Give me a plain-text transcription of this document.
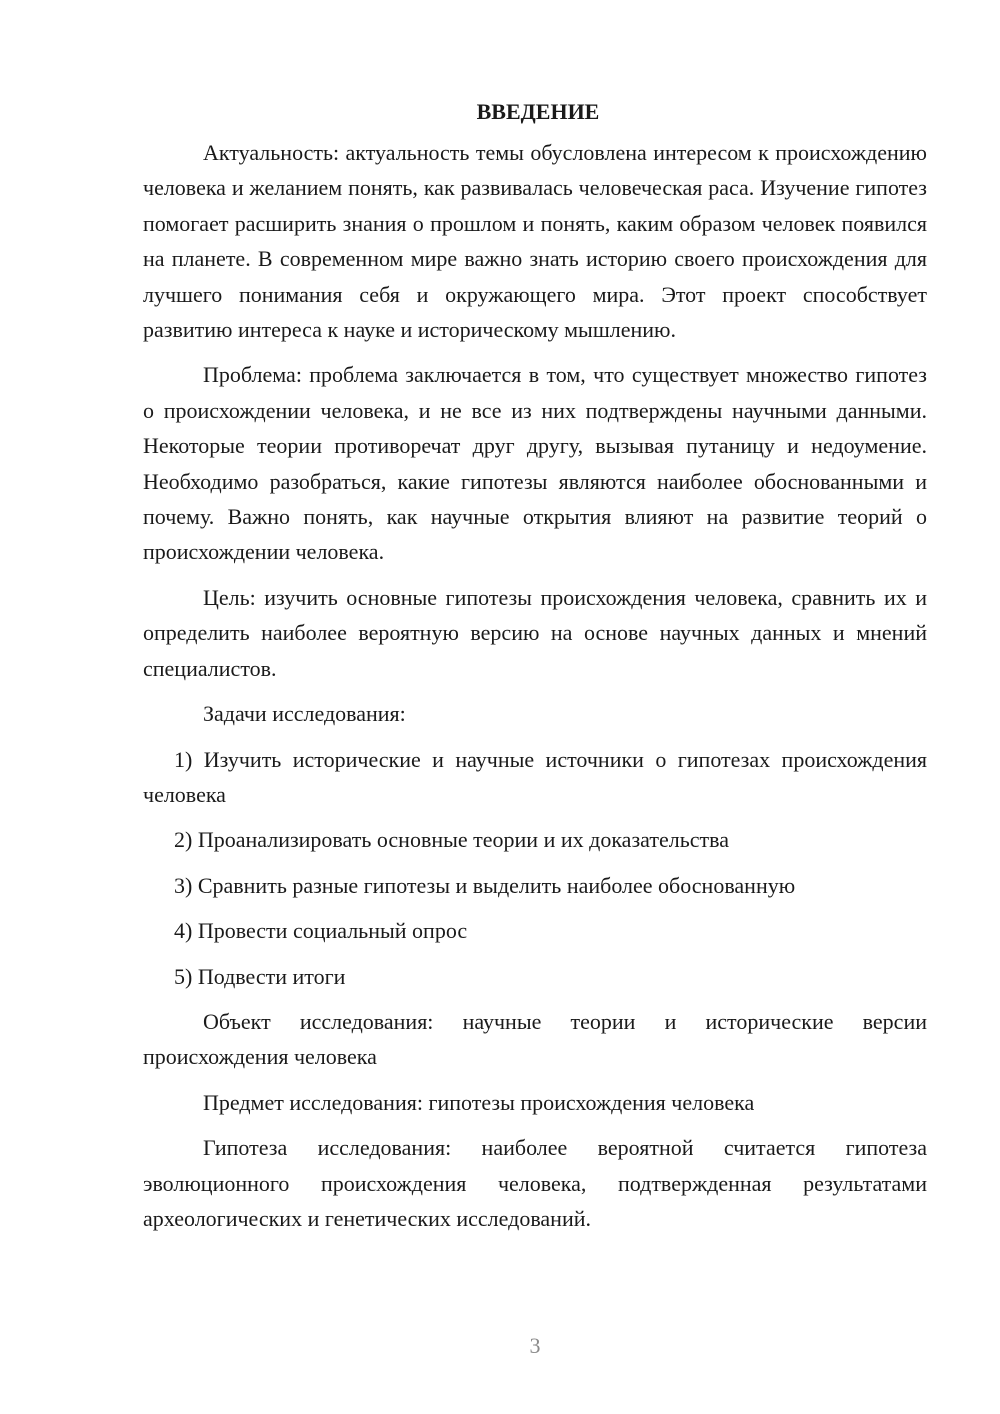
ВВЕДЕНИЕ

Актуальность: актуальность темы обусловлена интересом к происхождению человека и желанием понять, как развивалась человеческая раса. Изучение гипотез помогает расширить знания о прошлом и понять, каким образом человек появился на планете. В современном мире важно знать историю своего происхождения для лучшего понимания себя и окружающего мира. Этот проект способствует развитию интереса к науке и историческому мышлению.

Проблема: проблема заключается в том, что существует множество гипотез о происхождении человека, и не все из них подтверждены научными данными. Некоторые теории противоречат друг другу, вызывая путаницу и недоумение. Необходимо разобраться, какие гипотезы являются наиболее обоснованными и почему. Важно понять, как научные открытия влияют на развитие теорий о происхождении человека.

Цель: изучить основные гипотезы происхождения человека, сравнить их и определить наиболее вероятную версию на основе научных данных и мнений специалистов.

Задачи исследования:

1) Изучить исторические и научные источники о гипотезах происхождения человека

2) Проанализировать основные теории и их доказательства

3) Сравнить разные гипотезы и выделить наиболее обоснованную

4) Провести социальный опрос

5) Подвести итоги

Объект исследования: научные теории и исторические версии происхождения человека

Предмет исследования: гипотезы происхождения человека

Гипотеза исследования: наиболее вероятной считается гипотеза эволюционного происхождения человека, подтвержденная результатами археологических и генетических исследований.

3
